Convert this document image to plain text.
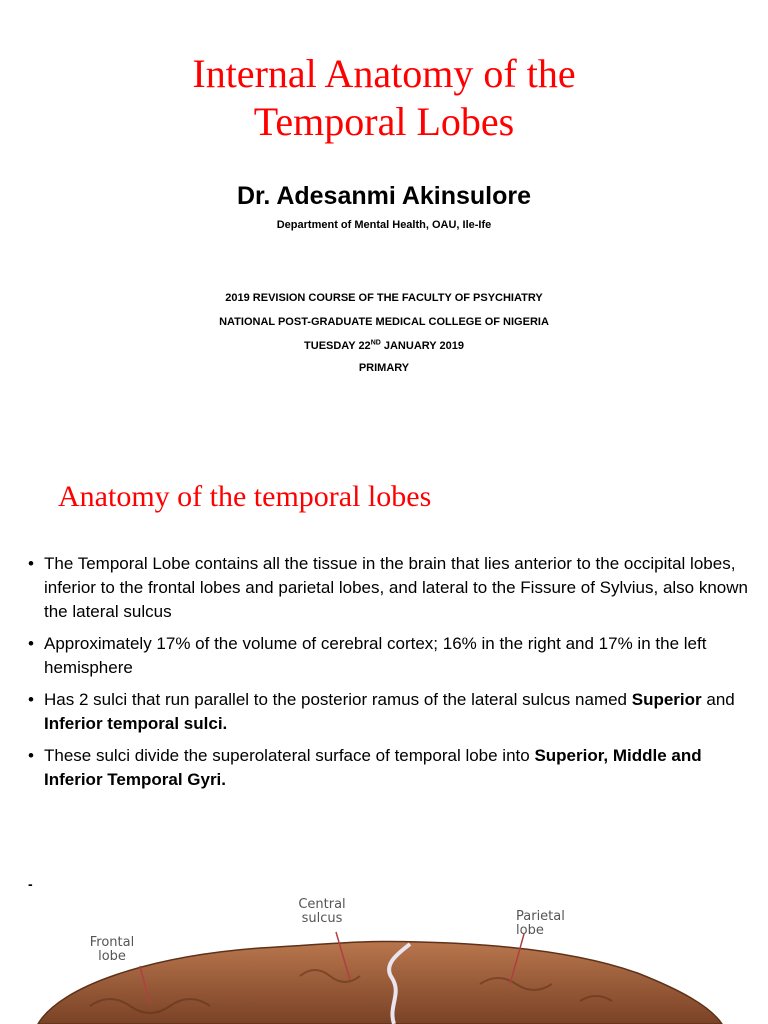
Internal Anatomy of the
Temporal Lobes
Dr. Adesanmi Akinsulore
Department of Mental Health, OAU, Ile-Ife
2019 REVISION COURSE OF THE FACULTY OF PSYCHIATRY
NATIONAL POST-GRADUATE MEDICAL COLLEGE OF NIGERIA
TUESDAY 22ND JANUARY 2019
PRIMARY
Anatomy of the temporal lobes
• The Temporal Lobe contains all the tissue in the brain that lies anterior to the occipital lobes, inferior to the frontal lobes and parietal lobes, and lateral to the Fissure of Sylvius, also known the lateral sulcus
• Approximately 17% of the volume of cerebral cortex; 16% in the right and 17% in the left hemisphere
• Has 2 sulci that run parallel to the posterior ramus of the lateral sulcus named Superior and Inferior temporal sulci.
• These sulci divide the superolateral surface of temporal lobe into Superior, Middle and Inferior Temporal Gyri.
-
Frontal
lobe
Central
sulcus	Parietal
lobe
